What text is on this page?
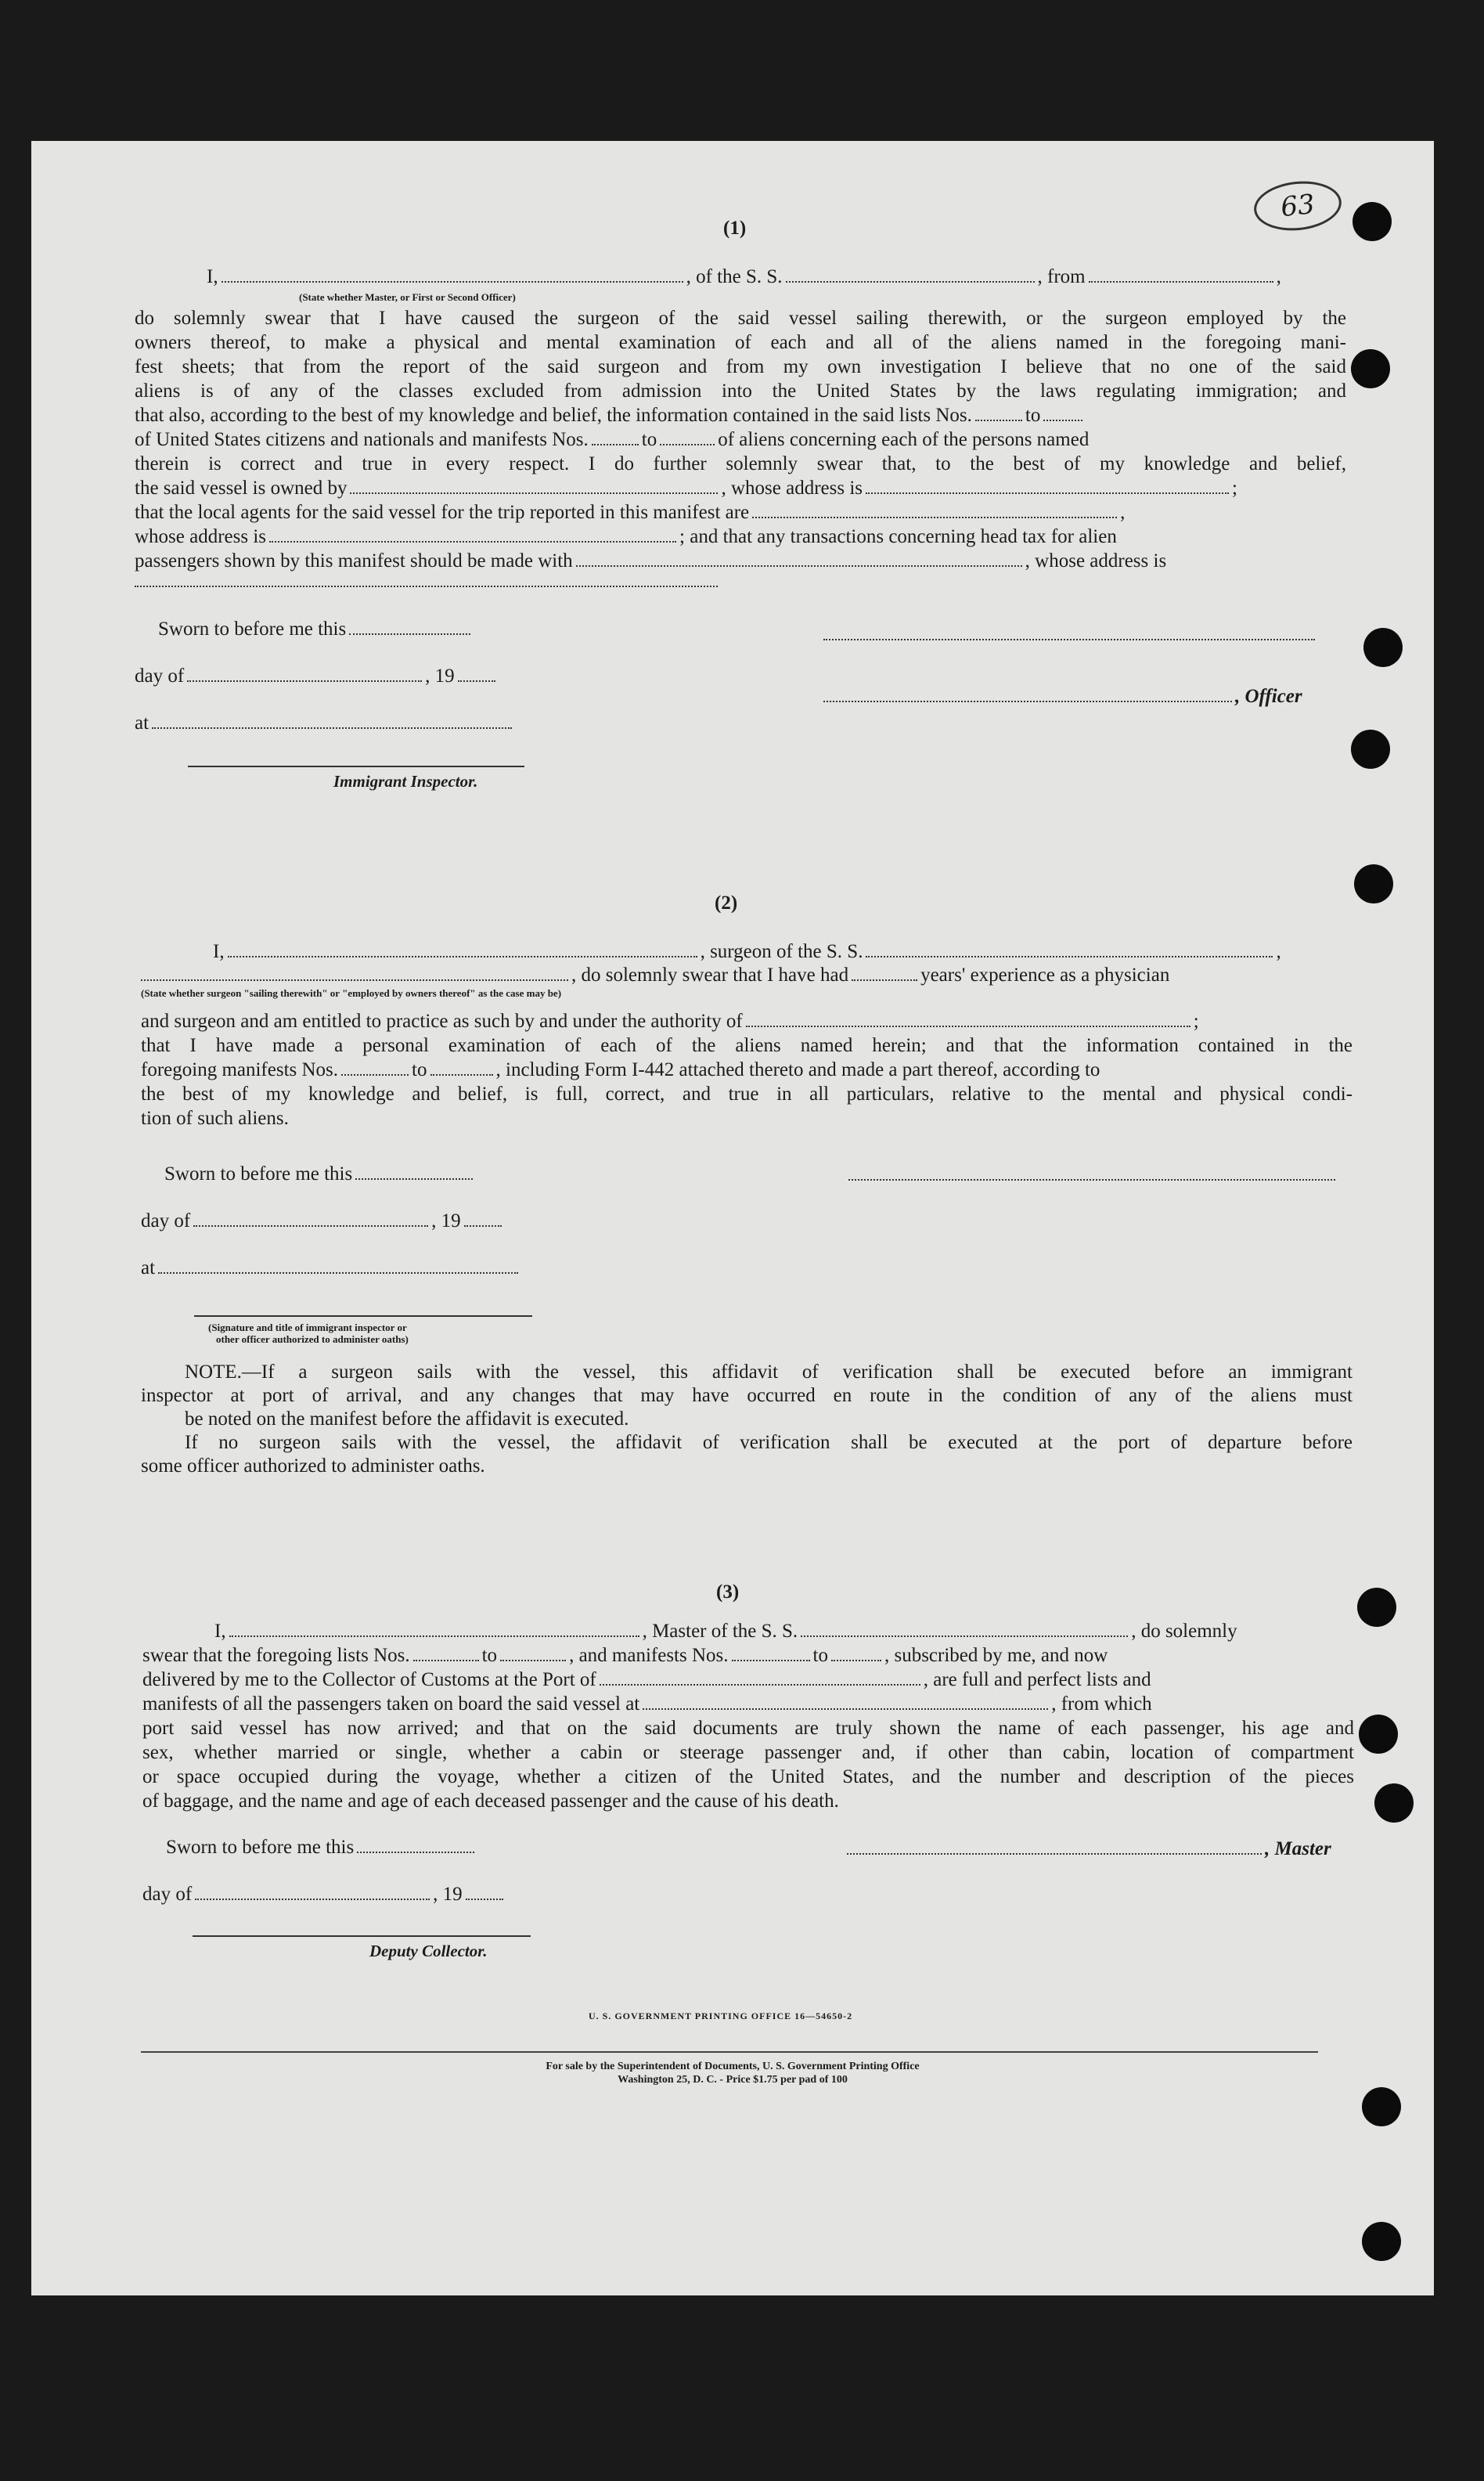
63
(1)
I,	, of the S. S.	, from	,
(State whether Master, or First or Second Officer)
do solemnly swear that I have caused the surgeon of the said vessel sailing therewith, or the surgeon employed by the
owners thereof, to make a physical and mental examination of each and all of the aliens named in the foregoing mani-
fest sheets; that from the report of the said surgeon and from my own investigation I believe that no one of the said
aliens is of any of the classes excluded from admission into the United States by the laws regulating immigration; and
that also, according to the best of my knowledge and belief, the information contained in the said lists Nos.	to
of United States citizens and nationals and manifests Nos.	to	of aliens concerning each of the persons named
therein is correct and true in every respect. I do further solemnly swear that, to the best of my knowledge and belief,
the said vessel is owned by	, whose address is	;
that the local agents for the said vessel for the trip reported in this manifest are	,
whose address is	; and that any transactions concerning head tax for alien
passengers shown by this manifest should be made with	, whose address is
Sworn to before me this
day of	, 19
at
Immigrant Inspector.
, Officer
(2)
I,	, surgeon of the S. S.	,
, do solemnly swear that I have had	years' experience as a physician
(State whether surgeon "sailing therewith" or "employed by owners thereof" as the case may be)
and surgeon and am entitled to practice as such by and under the authority of	;
that I have made a personal examination of each of the aliens named herein; and that the information contained in the
foregoing manifests Nos.	to	, including Form I-442 attached thereto and made a part thereof, according to
the best of my knowledge and belief, is full, correct, and true in all particulars, relative to the mental and physical condi-
tion of such aliens.
Sworn to before me this
day of	, 19
at
(Signature and title of immigrant inspector or
other officer authorized to administer oaths)
NOTE.—If a surgeon sails with the vessel, this affidavit of verification shall be executed before an immigrant
inspector at port of arrival, and any changes that may have occurred en route in the condition of any of the aliens must
be noted on the manifest before the affidavit is executed.
If no surgeon sails with the vessel, the affidavit of verification shall be executed at the port of departure before
some officer authorized to administer oaths.
(3)
I,	, Master of the S. S.	, do solemnly
swear that the foregoing lists Nos.	to	, and manifests Nos.	to	, subscribed by me, and now
delivered by me to the Collector of Customs at the Port of	, are full and perfect lists and
manifests of all the passengers taken on board the said vessel at	, from which
port said vessel has now arrived; and that on the said documents are truly shown the name of each passenger, his age and
sex, whether married or single, whether a cabin or steerage passenger and, if other than cabin, location of compartment
or space occupied during the voyage, whether a citizen of the United States, and the number and description of the pieces
of baggage, and the name and age of each deceased passenger and the cause of his death.
Sworn to before me this	, Master
day of	, 19
Deputy Collector.
U. S. GOVERNMENT PRINTING OFFICE 16—54650-2
For sale by the Superintendent of Documents, U. S. Government Printing Office
Washington 25, D. C. - Price $1.75 per pad of 100
